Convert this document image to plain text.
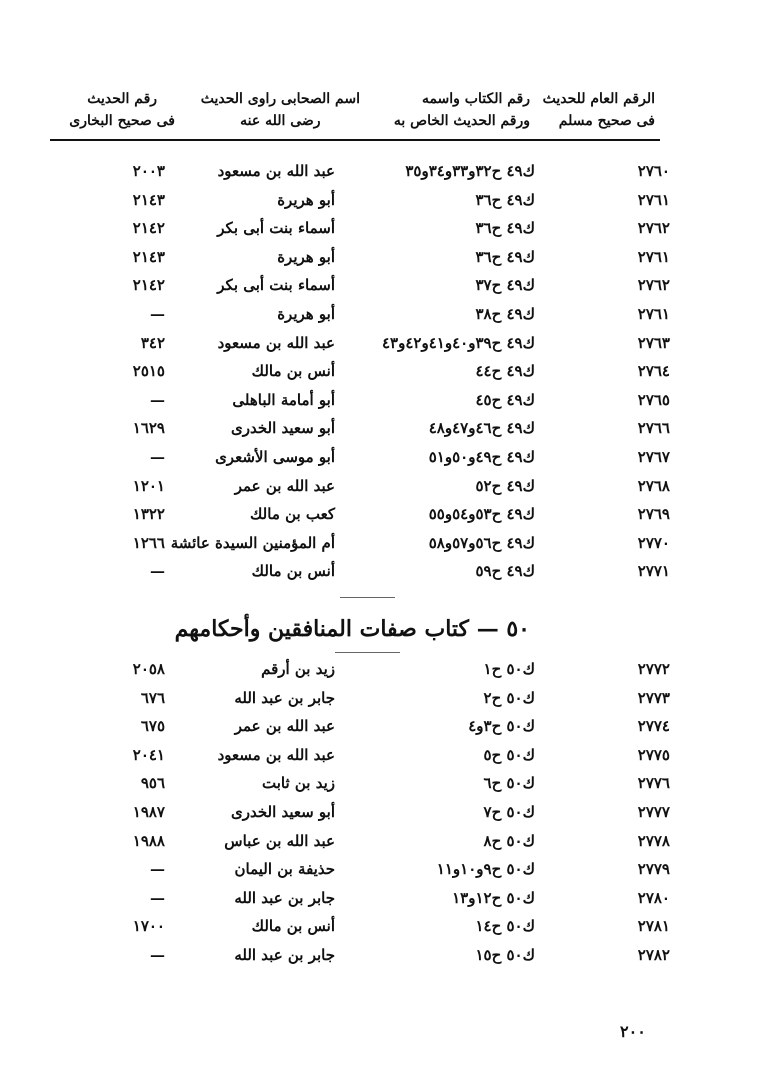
الرقم العام للحديث
فى صحيح مسلم
رقم الكتاب واسمه
ورقم الحديث الخاص به
اسم الصحابى راوى الحديث
رضى الله عنه
رقم الحديث
فى صحيح البخارى
٢٧٦٠
ك٤٩ ح٣٢و٣٣و٣٤و٣٥
عبد الله بن مسعود
٢٠٠٣
٢٧٦١
ك٤٩ ح٣٦
أبو هريرة
٢١٤٣
٢٧٦٢
ك٤٩ ح٣٦
أسماء بنت أبى بكر
٢١٤٢
٢٧٦١
ك٤٩ ح٣٦
أبو هريرة
٢١٤٣
٢٧٦٢
ك٤٩ ح٣٧
أسماء بنت أبى بكر
٢١٤٢
٢٧٦١
ك٤٩ ح٣٨
أبو هريرة
—
٢٧٦٣
ك٤٩ ح٣٩و٤٠و٤١و٤٢و٤٣
عبد الله بن مسعود
٣٤٢
٢٧٦٤
ك٤٩ ح٤٤
أنس بن مالك
٢٥١٥
٢٧٦٥
ك٤٩ ح٤٥
أبو أمامة الباهلى
—
٢٧٦٦
ك٤٩ ح٤٦و٤٧و٤٨
أبو سعيد الخدرى
١٦٢٩
٢٧٦٧
ك٤٩ ح٤٩و٥٠و٥١
أبو موسى الأشعرى
—
٢٧٦٨
ك٤٩ ح٥٢
عبد الله بن عمر
١٢٠١
٢٧٦٩
ك٤٩ ح٥٣و٥٤و٥٥
كعب بن مالك
١٣٢٢
٢٧٧٠
ك٤٩ ح٥٦و٥٧و٥٨
أم المؤمنين السيدة عائشة
١٢٦٦
٢٧٧١
ك٤٩ ح٥٩
أنس بن مالك
—
٥٠ — كتاب صفات المنافقين وأحكامهم
٢٧٧٢
ك٥٠ ح١
زيد بن أرقم
٢٠٥٨
٢٧٧٣
ك٥٠ ح٢
جابر بن عبد الله
٦٧٦
٢٧٧٤
ك٥٠ ح٣و٤
عبد الله بن عمر
٦٧٥
٢٧٧٥
ك٥٠ ح٥
عبد الله بن مسعود
٢٠٤١
٢٧٧٦
ك٥٠ ح٦
زيد بن ثابت
٩٥٦
٢٧٧٧
ك٥٠ ح٧
أبو سعيد الخدرى
١٩٨٧
٢٧٧٨
ك٥٠ ح٨
عبد الله بن عباس
١٩٨٨
٢٧٧٩
ك٥٠ ح٩و١٠و١١
حذيفة بن اليمان
—
٢٧٨٠
ك٥٠ ح١٢و١٣
جابر بن عبد الله
—
٢٧٨١
ك٥٠ ح١٤
أنس بن مالك
١٧٠٠
٢٧٨٢
ك٥٠ ح١٥
جابر بن عبد الله
—
٢٠٠
